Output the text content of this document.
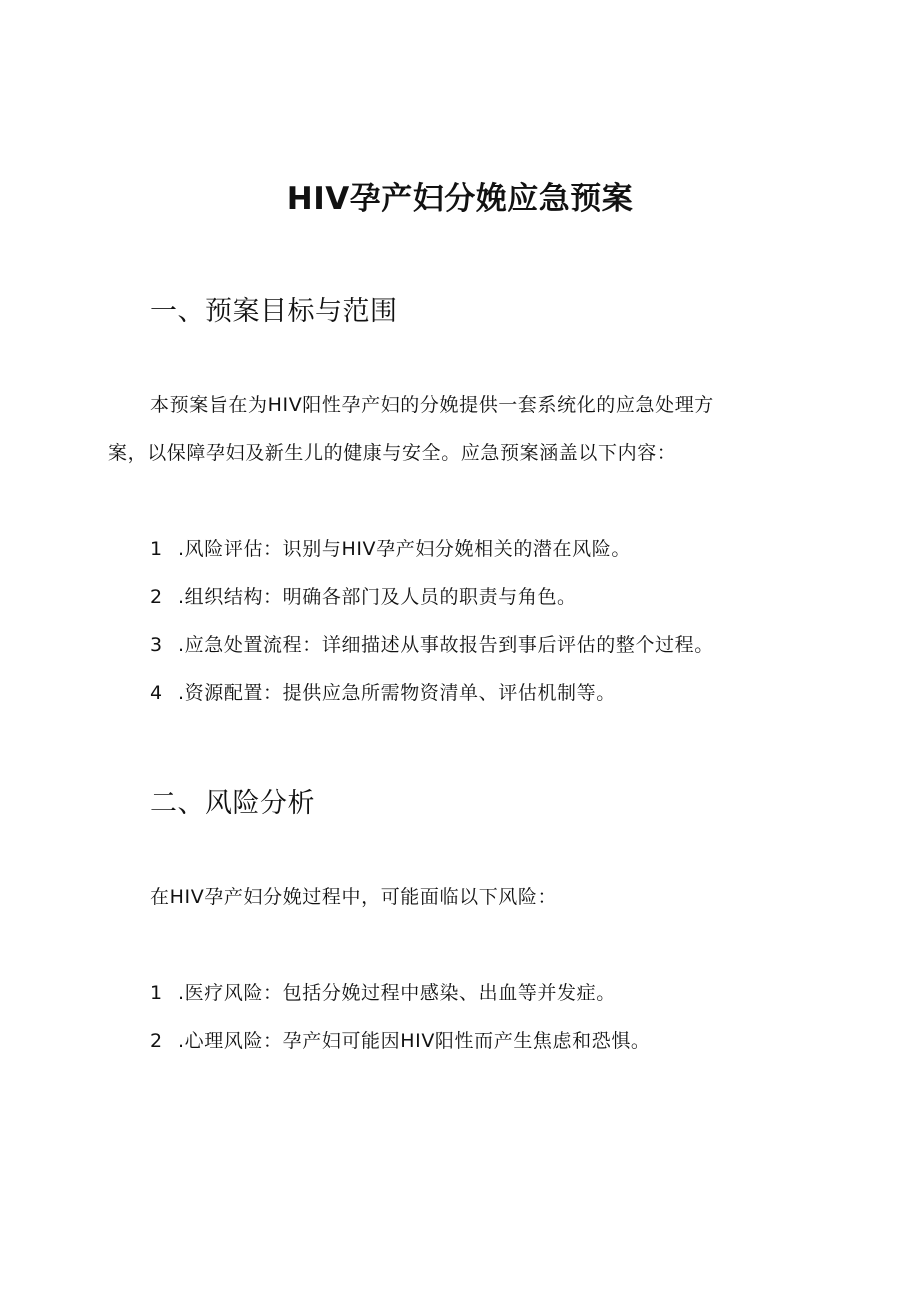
HIV孕产妇分娩应急预案
一、预案目标与范围

本预案旨在为HIV阳性孕产妇的分娩提供一套系统化的应急处理方

案，以保障孕妇及新生儿的健康与安全。应急预案涵盖以下内容：

1 .风险评估：识别与HIV孕产妇分娩相关的潜在风险。
2 .组织结构：明确各部门及人员的职责与角色。
3 .应急处置流程：详细描述从事故报告到事后评估的整个过程。
4 .资源配置：提供应急所需物资清单、评估机制等。
二、风险分析

在HIV孕产妇分娩过程中，可能面临以下风险：

1 .医疗风险：包括分娩过程中感染、出血等并发症。
2 .心理风险：孕产妇可能因HIV阳性而产生焦虑和恐惧。
